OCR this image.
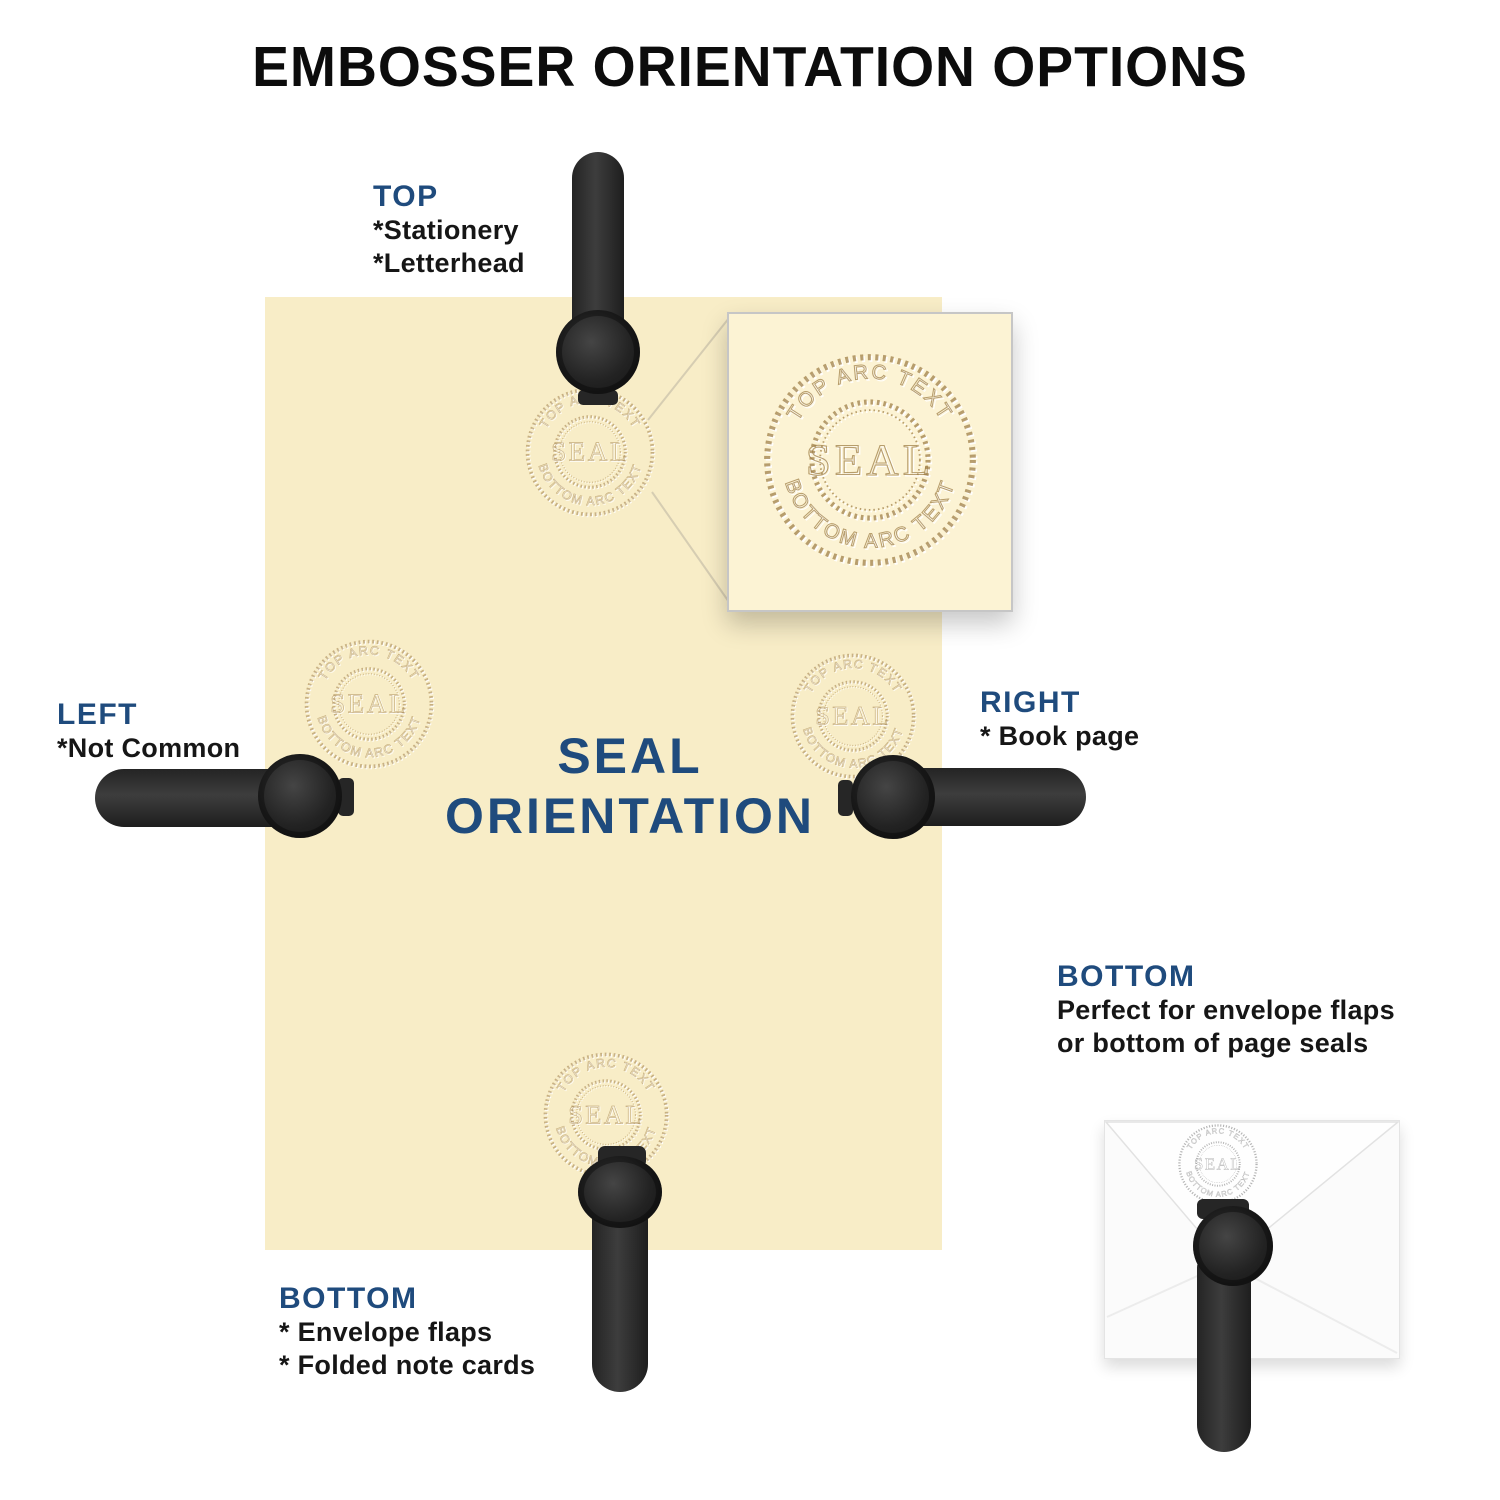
EMBOSSER ORIENTATION OPTIONS
SEAL
ORIENTATION
TOP
*Stationery
*Letterhead
LEFT
*Not Common
RIGHT
* Book page
BOTTOM
* Envelope flaps
* Folded note cards
BOTTOM
Perfect for envelope flaps
or bottom of page seals
